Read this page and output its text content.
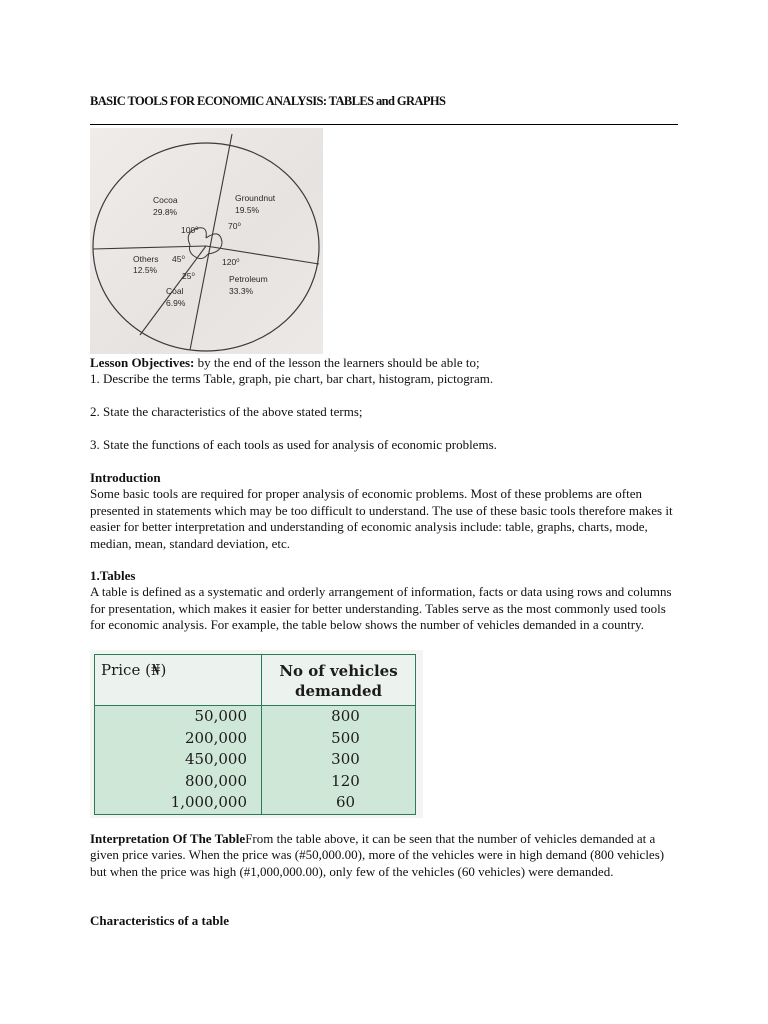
BASIC TOOLS FOR ECONOMIC ANALYSIS: TABLES and GRAPHS
Cocoa
29.8%
100⁰
Groundnut
19.5%
70⁰
120⁰
Petroleum
33.3%
25⁰
Coal
6.9%
Others 45⁰
12.5%

Lesson Objectives: by the end of the lesson the learners should be able to;

1. Describe the terms Table, graph, pie chart, bar chart, histogram, pictogram.

2. State the characteristics of the above stated terms;

3. State the functions of each tools as used for analysis of economic problems.

Introduction

Some basic tools are required for proper analysis of economic problems. Most of these problems are often presented in statements which may be too difficult to understand. The use of these basic tools therefore makes it easier for better interpretation and understanding of economic analysis include: table, graphs, charts, mode, median, mean, standard deviation, etc.

1.Tables

A table is defined as a systematic and orderly arrangement of information, facts or data using rows and columns for presentation, which makes it easier for better understanding. Tables serve as the most commonly used tools for economic analysis. For example, the table below shows the number of vehicles demanded in a country.

Price (₦)	No of vehicles demanded
50,000	800
200,000	500
450,000	300
800,000	120
1,000,000	60

Interpretation Of The TableFrom the table above, it can be seen that the number of vehicles demanded at a given price varies. When the price was (#50,000.00), more of the vehicles were in high demand (800 vehicles) but when the price was high (#1,000,000.00), only few of the vehicles (60 vehicles) were demanded.

Characteristics of a table
